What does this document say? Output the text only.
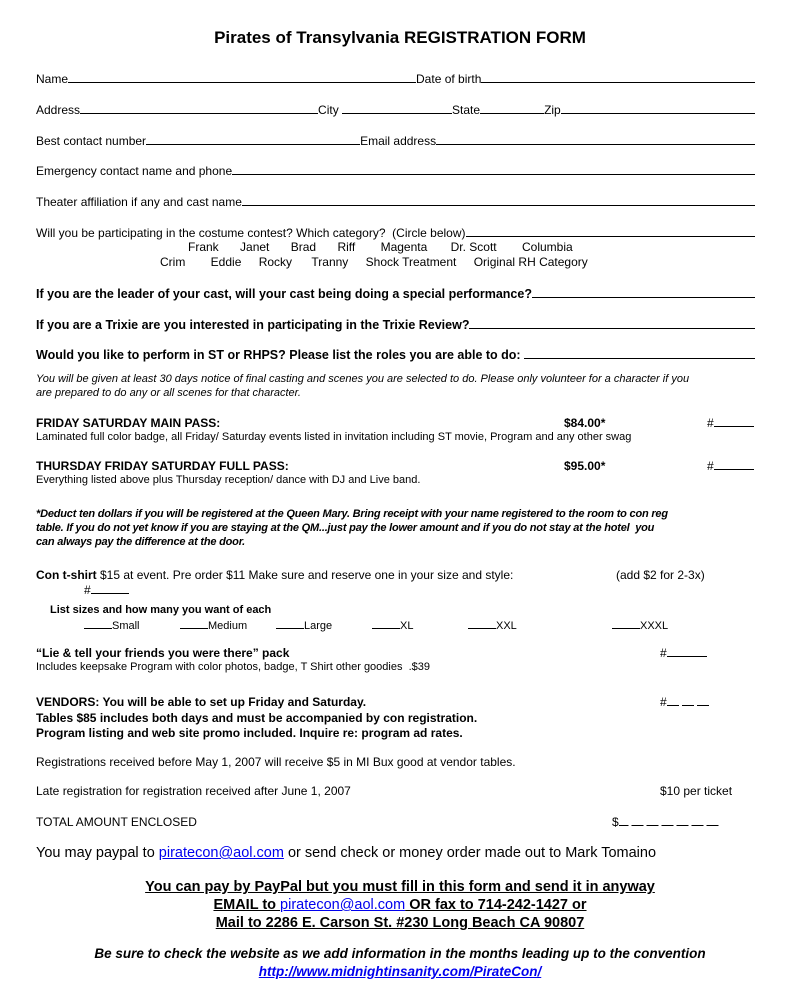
Pirates of Transylvania REGISTRATION FORM
Name	Date of birth
Address	City	State	Zip
Best contact number	Email address
Emergency contact name and phone
Theater affiliation if any and cast name
Will you be participating in the costume contest? Which category?  (Circle below)
Frank Janet Brad Riff Magenta Dr. Scott Columbia
Crim Eddie Rocky Tranny Shock Treatment Original RH Category
If you are the leader of your cast, will your cast being doing a special performance?
If you are a Trixie are you interested in participating in the Trixie Review?
Would you like to perform in ST or RHPS? Please list the roles you are able to do:
You will be given at least 30 days notice of final casting and scenes you are selected to do. Please only volunteer for a character if you
are prepared to do any or all scenes for that character.
FRIDAY SATURDAY MAIN PASS:	$84.00*	#
Laminated full color badge, all Friday/ Saturday events listed in invitation including ST movie, Program and any other swag
THURSDAY FRIDAY SATURDAY FULL PASS:	$95.00*	#
Everything listed above plus Thursday reception/ dance with DJ and Live band.
*Deduct ten dollars if you will be registered at the Queen Mary. Bring receipt with your name registered to the room to con reg
table. If you do not yet know if you are staying at the QM...just pay the lower amount and if you do not stay at the hotel  you
can always pay the difference at the door.
Con t-shirt $15 at event. Pre order $11 Make sure and reserve one in your size and style:	(add $2 for 2-3x)
#
List sizes and how many you want of each
Small	Medium	Large	XL	XXL	XXXL
“Lie & tell your friends you were there” pack
Includes keepsake Program with color photos, badge, T Shirt other goodies  .$39
#
VENDORS: You will be able to set up Friday and Saturday.
Tables $85 includes both days and must be accompanied by con registration.
Program listing and web site promo included. Inquire re: program ad rates.
#
Registrations received before May 1, 2007 will receive $5 in MI Bux good at vendor tables.
Late registration for registration received after June 1, 2007	$10 per ticket
TOTAL AMOUNT ENCLOSED	$
You may paypal to piratecon@aol.com or send check or money order made out to Mark Tomaino
You can pay by PayPal but you must fill in this form and send it in anyway
EMAIL to piratecon@aol.com OR fax to 714-242-1427 or
Mail to 2286 E. Carson St. #230 Long Beach CA 90807
Be sure to check the website as we add information in the months leading up to the convention
http://www.midnightinsanity.com/PirateCon/
